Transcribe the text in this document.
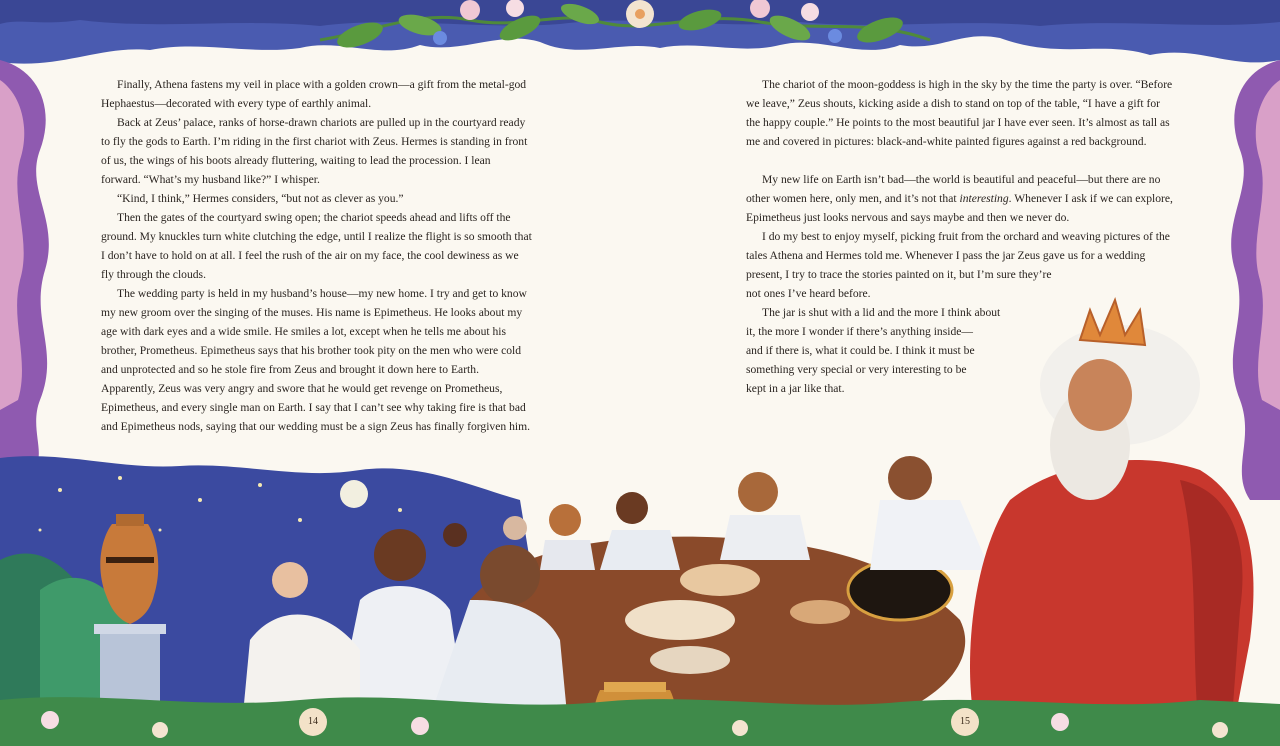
Finally, Athena fastens my veil in place with a golden crown—a gift from the metal-god Hephaestus—decorated with every type of earthly animal.

Back at Zeus’ palace, ranks of horse-drawn chariots are pulled up in the courtyard ready to fly the gods to Earth. I’m riding in the first chariot with Zeus. Hermes is standing in front of us, the wings of his boots already fluttering, waiting to lead the procession. I lean forward. “What’s my husband like?” I whisper.

“Kind, I think,” Hermes considers, “but not as clever as you.”

Then the gates of the courtyard swing open; the chariot speeds ahead and lifts off the ground. My knuckles turn white clutching the edge, until I realize the flight is so smooth that I don’t have to hold on at all. I feel the rush of the air on my face, the cool dewiness as we fly through the clouds.

The wedding party is held in my husband’s house—my new home. I try and get to know my new groom over the singing of the muses. His name is Epimetheus. He looks about my age with dark eyes and a wide smile. He smiles a lot, except when he tells me about his brother, Prometheus. Epimetheus says that his brother took pity on the men who were cold and unprotected and so he stole fire from Zeus and brought it down here to Earth. Apparently, Zeus was very angry and swore that he would get revenge on Prometheus, Epimetheus, and every single man on Earth. I say that I can’t see why taking fire is that bad and Epimetheus nods, saying that our wedding must be a sign Zeus has finally forgiven him.

The chariot of the moon-goddess is high in the sky by the time the party is over. “Before we leave,” Zeus shouts, kicking aside a dish to stand on top of the table, “I have a gift for the happy couple.” He points to the most beautiful jar I have ever seen. It’s almost as tall as me and covered in pictures: black-and-white painted figures against a red background.

My new life on Earth isn’t bad—the world is beautiful and peaceful—but there are no other women here, only men, and it’s not that interesting. Whenever I ask if we can explore, Epimetheus just looks nervous and says maybe and then we never do.

I do my best to enjoy myself, picking fruit from the orchard and weaving pictures of the tales Athena and Hermes told me. Whenever I pass the jar Zeus gave us for a wedding

present, I try to trace the stories painted on it, but I’m sure they’re

not ones I’ve heard before.

The jar is shut with a lid and the more I think about

it, the more I wonder if there’s anything inside—

and if there is, what it could be. I think it must be

something very special or very interesting to be

kept in a jar like that.

14	15
